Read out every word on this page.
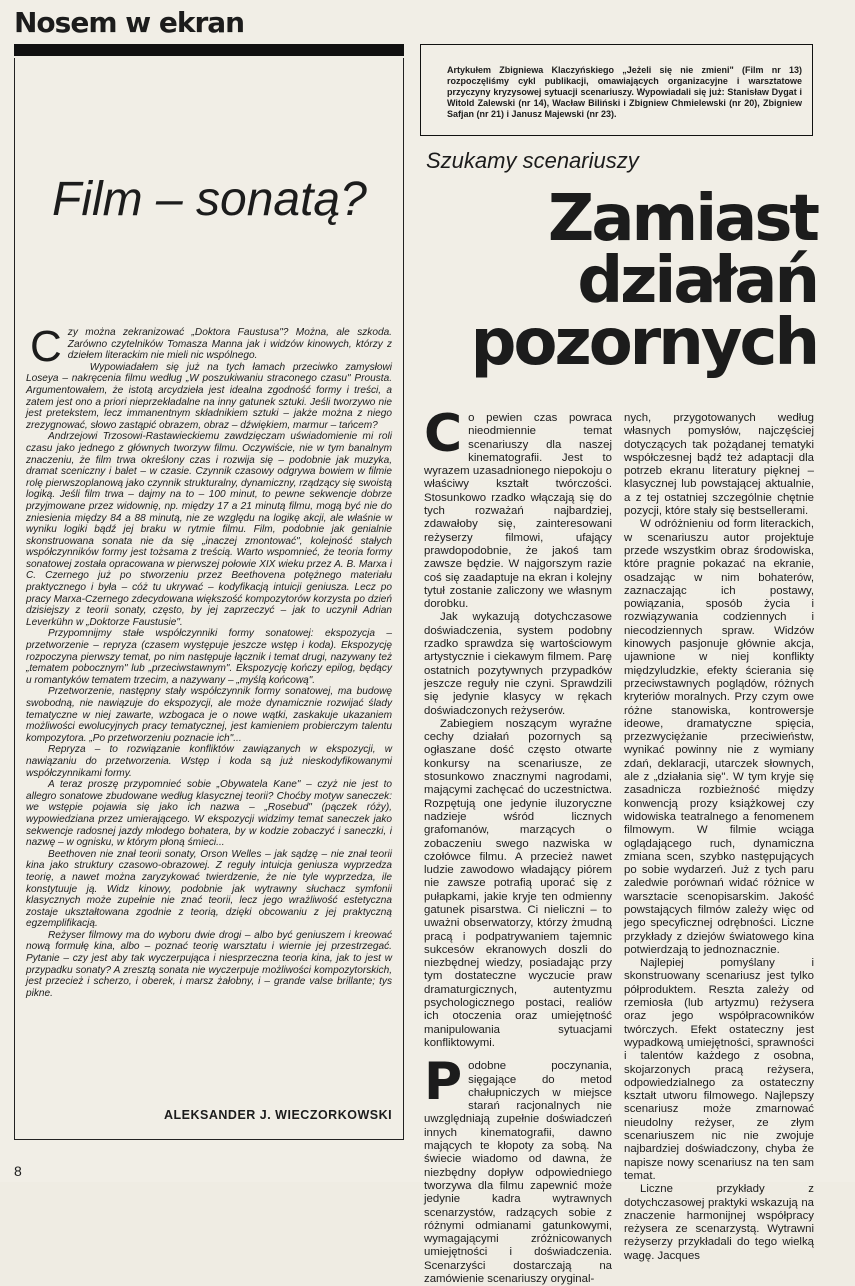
Nosem w ekran
Film – sonatą?

Czy można zekranizować „Doktora Faustusa"? Można, ale szkoda. Zarówno czytelników Tomasza Manna jak i widzów kinowych, którzy z dziełem literackim nie mieli nic wspólnego.

Wypowiadałem się już na tych łamach przeciwko zamysłowi Loseya – nakręcenia filmu według „W poszukiwaniu straconego czasu" Prousta. Argumentowałem, że istotą arcydzieła jest idealna zgodność formy i treści, a zatem jest ono a priori nieprzekładalne na inny gatunek sztuki. Jeśli tworzywo nie jest pretekstem, lecz immanentnym składnikiem sztuki – jakże można z niego zrezygnować, słowo zastąpić obrazem, obraz – dźwiękiem, marmur – tańcem?

Andrzejowi Trzosowi-Rastawieckiemu zawdzięczam uświadomienie mi roli czasu jako jednego z głównych tworzyw filmu. Oczywiście, nie w tym banalnym znaczeniu, że film trwa określony czas i rozwija się – podobnie jak muzyka, dramat sceniczny i balet – w czasie. Czynnik czasowy odgrywa bowiem w filmie rolę pierwszoplanową jako czynnik strukturalny, dynamiczny, rządzący się swoistą logiką. Jeśli film trwa – dajmy na to – 100 minut, to pewne sekwencje dobrze przyjmowane przez widownię, np. między 17 a 21 minutą filmu, mogą być nie do zniesienia między 84 a 88 minutą, nie ze względu na logikę akcji, ale właśnie w wyniku logiki bądź jej braku w rytmie filmu. Film, podobnie jak genialnie skonstruowana sonata nie da się „inaczej zmontować", kolejność stałych współczynników formy jest tożsama z treścią. Warto wspomnieć, że teoria formy sonatowej została opracowana w pierwszej połowie XIX wieku przez A. B. Marxa i C. Czernego już po stworzeniu przez Beethovena potężnego materiału praktycznego i była – cóż tu ukrywać – kodyfikacją intuicji geniusza. Lecz po pracy Marxa-Czernego zdecydowana większość kompozytorów korzysta po dzień dzisiejszy z teorii sonaty, często, by jej zaprzeczyć – jak to uczynił Adrian Leverkühn w „Doktorze Faustusie".

Przypomnijmy stałe współczynniki formy sonatowej: ekspozycja – przetworzenie – repryza (czasem występuje jeszcze wstęp i koda). Ekspozycję rozpoczyna pierwszy temat, po nim następuje łącznik i temat drugi, nazywany też „tematem pobocznym" lub „przeciwstawnym". Ekspozycję kończy epilog, będący u romantyków tematem trzecim, a nazywany – „myślą końcową".

Przetworzenie, następny stały współczynnik formy sonatowej, ma budowę swobodną, nie nawiązuje do ekspozycji, ale może dynamicznie rozwijać ślady tematyczne w niej zawarte, wzbogaca je o nowe wątki, zaskakuje ukazaniem możliwości ewolucyjnych pracy tematycznej, jest kamieniem probierczym talentu kompozytora. „Po przetworzeniu poznacie ich"...

Repryza – to rozwiązanie konfliktów zawiązanych w ekspozycji, w nawiązaniu do przetworzenia. Wstęp i koda są już nieskodyfikowanymi współczynnikami formy.

A teraz proszę przypomnieć sobie „Obywatela Kane" – czyż nie jest to allegro sonatowe zbudowane według klasycznej teorii? Choćby motyw saneczek: we wstępie pojawia się jako ich nazwa – „Rosebud" (pączek róży), wypowiedziana przez umierającego. W ekspozycji widzimy temat saneczek jako sekwencje radosnej jazdy młodego bohatera, by w kodzie zobaczyć i saneczki, i nazwę – w ognisku, w którym płoną śmieci...

Beethoven nie znał teorii sonaty, Orson Welles – jak sądzę – nie znał teorii kina jako struktury czasowo-obrazowej. Z reguły intuicja geniusza wyprzedza teorię, a nawet można zaryzykować twierdzenie, że nie tyle wyprzedza, ile konstytuuje ją. Widz kinowy, podobnie jak wytrawny słuchacz symfonii klasycznych może zupełnie nie znać teorii, lecz jego wrażliwość estetyczna zostaje ukształtowana zgodnie z teorią, dzięki obcowaniu z jej praktyczną egzemplifikacją.

Reżyser filmowy ma do wyboru dwie drogi – albo być geniuszem i kreować nową formułę kina, albo – poznać teorię warsztatu i wiernie jej przestrzegać. Pytanie – czy jest aby tak wyczerpująca i niesprzeczna teoria kina, jak to jest w przypadku sonaty? A zresztą sonata nie wyczerpuje możliwości kompozytorskich, jest przecież i scherzo, i oberek, i marsz żałobny, i – grande valse brillante; tys pikne.

ALEKSANDER J. WIECZORKOWSKI
8
Artykułem Zbigniewa Klaczyńskiego „Jeżeli się nie zmieni" (Film nr 13) rozpoczęliśmy cykl publikacji, omawiających organizacyjne i warsztatowe przyczyny kryzysowej sytuacji scenariuszy. Wypowiadali się już: Stanisław Dygat i Witold Zalewski (nr 14), Wacław Biliński i Zbigniew Chmielewski (nr 20), Zbigniew Safjan (nr 21) i Janusz Majewski (nr 23).
Szukamy scenariuszy
Zamiast
działań
pozornych

Co pewien czas powraca nieodmiennie temat scenariuszy dla naszej kinematografii. Jest to wyrazem uzasadnionego niepokoju o właściwy kształt twórczości. Stosunkowo rzadko włączają się do tych rozważań najbardziej, zdawałoby się, zainteresowani reżyserzy filmowi, ufający prawdopodobnie, że jakoś tam zawsze będzie. W najgorszym razie coś się zaadaptuje na ekran i kolejny tytuł zostanie zaliczony we własnym dorobku.

Jak wykazują dotychczasowe doświadczenia, system podobny rzadko sprawdza się wartościowym artystycznie i ciekawym filmem. Parę ostatnich pozytywnych przypadków jeszcze reguły nie czyni. Sprawdzili się jedynie klasycy w rękach doświadczonych reżyserów.

Zabiegiem noszącym wyraźne cechy działań pozornych są ogłaszane dość często otwarte konkursy na scenariusze, ze stosunkowo znacznymi nagrodami, mającymi zachęcać do uczestnictwa. Rozpętują one jedynie iluzoryczne nadzieje wśród licznych grafomanów, marzących o zobaczeniu swego nazwiska w czołówce filmu. A przecież nawet ludzie zawodowo władający piórem nie zawsze potrafią uporać się z pułapkami, jakie kryje ten odmienny gatunek pisarstwa. Ci nieliczni – to uważni obserwatorzy, którzy żmudną pracą i podpatrywaniem tajemnic sukcesów ekranowych doszli do niezbędnej wiedzy, posiadając przy tym dostateczne wyczucie praw dramaturgicznych, autentyzmu psychologicznego postaci, realiów ich otoczenia oraz umiejętność manipulowania sytuacjami konfliktowymi.

Podobne poczynania, sięgające do metod chałupniczych w miejsce starań racjonalnych nie uwzględniają zupełnie doświadczeń innych kinematografii, dawno mających te kłopoty za sobą. Na świecie wiadomo od dawna, że niezbędny dopływ odpowiedniego tworzywa dla filmu zapewnić może jedynie kadra wytrawnych scenarzystów, radzących sobie z różnymi odmianami gatunkowymi, wymagającymi zróżnicowanych umiejętności i doświadczenia. Scenarzyści dostarczają na zamówienie scenariuszy oryginal-

nych, przygotowanych według własnych pomysłów, najczęściej dotyczących tak pożądanej tematyki współczesnej bądź też adaptacji dla potrzeb ekranu literatury pięknej – klasycznej lub powstającej aktualnie, a z tej ostatniej szczególnie chętnie pozycji, które stały się bestsellerami.

W odróżnieniu od form literackich, w scenariuszu autor projektuje przede wszystkim obraz środowiska, które pragnie pokazać na ekranie, osadzając w nim bohaterów, zaznaczając ich postawy, powiązania, sposób życia i rozwiązywania codziennych i niecodziennych spraw. Widzów kinowych pasjonuje głównie akcja, ujawnione w niej konflikty międzyludzkie, efekty ścierania się przeciwstawnych poglądów, różnych kryteriów moralnych. Przy czym owe różne stanowiska, kontrowersje ideowe, dramatyczne spięcia, przezwyciężanie przeciwieństw, wynikać powinny nie z wymiany zdań, deklaracji, utarczek słownych, ale z „działania się". W tym kryje się zasadnicza rozbieżność między konwencją prozy książkowej czy widowiska teatralnego a fenomenem filmowym. W filmie wciąga oglądającego ruch, dynamiczna zmiana scen, szybko następujących po sobie wydarzeń. Już z tych paru zaledwie porównań widać różnice w warsztacie scenopisarskim. Jakość powstających filmów zależy więc od jego specyficznej odrębności. Liczne przykłady z dziejów światowego kina potwierdzają to jednoznacznie.

Najlepiej pomyślany i skonstruowany scenariusz jest tylko półproduktem. Reszta zależy od rzemiosła (lub artyzmu) reżysera oraz jego współpracowników twórczych. Efekt ostateczny jest wypadkową umiejętności, sprawności i talentów każdego z osobna, skojarzonych pracą reżysera, odpowiedzialnego za ostateczny kształt utworu filmowego. Najlepszy scenariusz może zmarnować nieudolny reżyser, ze złym scenariuszem nic nie zwojuje najbardziej doświadczony, chyba że napisze nowy scenariusz na ten sam temat.

Liczne przykłady z dotychczasowej praktyki wskazują na znaczenie harmonijnej współpracy reżysera ze scenarzystą. Wytrawni reżyserzy przykładali do tego wielką wagę. Jacques
